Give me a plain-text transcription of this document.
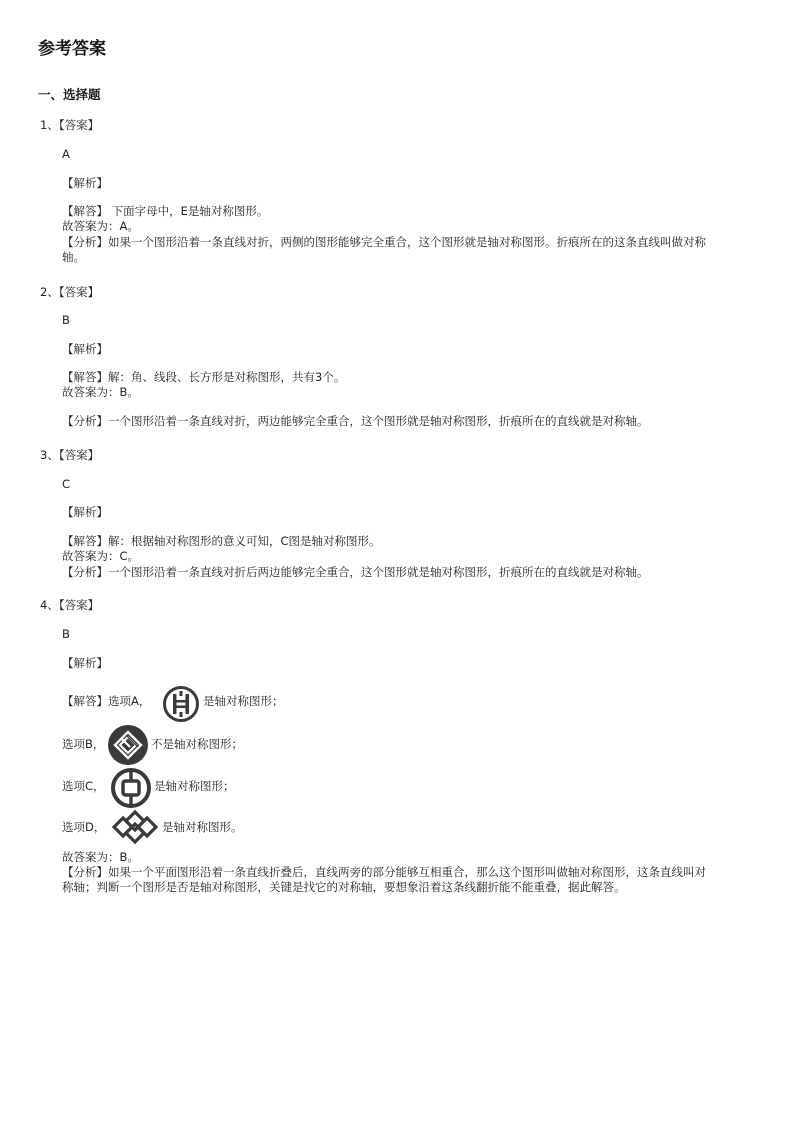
参考答案
一、选择题
1、【答案】
A
【解析】
【解答】 下面字母中，E是轴对称图形。
故答案为：A。
【分析】如果一个图形沿着一条直线对折，两侧的图形能够完全重合，这个图形就是轴对称图形。折痕所在的这条直线叫做对称轴。
2、【答案】
B
【解析】
【解答】解：角、线段、长方形是对称图形，共有3个。
故答案为：B。
【分析】一个图形沿着一条直线对折，两边能够完全重合，这个图形就是轴对称图形，折痕所在的直线就是对称轴。
3、【答案】
C
【解析】
【解答】解：根据轴对称图形的意义可知，C图是轴对称图形。
故答案为：C。
【分析】一个图形沿着一条直线对折后两边能够完全重合，这个图形就是轴对称图形，折痕所在的直线就是对称轴。
4、【答案】
B
【解析】
【解答】选项A，	是轴对称图形；
选项B，	不是轴对称图形；
选项C，	是轴对称图形；
选项D，	是轴对称图形。
故答案为：B。
【分析】如果一个平面图形沿着一条直线折叠后，直线两旁的部分能够互相重合，那么这个图形叫做轴对称图形，这条直线叫对称轴；判断一个图形是否是轴对称图形，关键是找它的对称轴，要想象沿着这条线翻折能不能重叠，据此解答。
